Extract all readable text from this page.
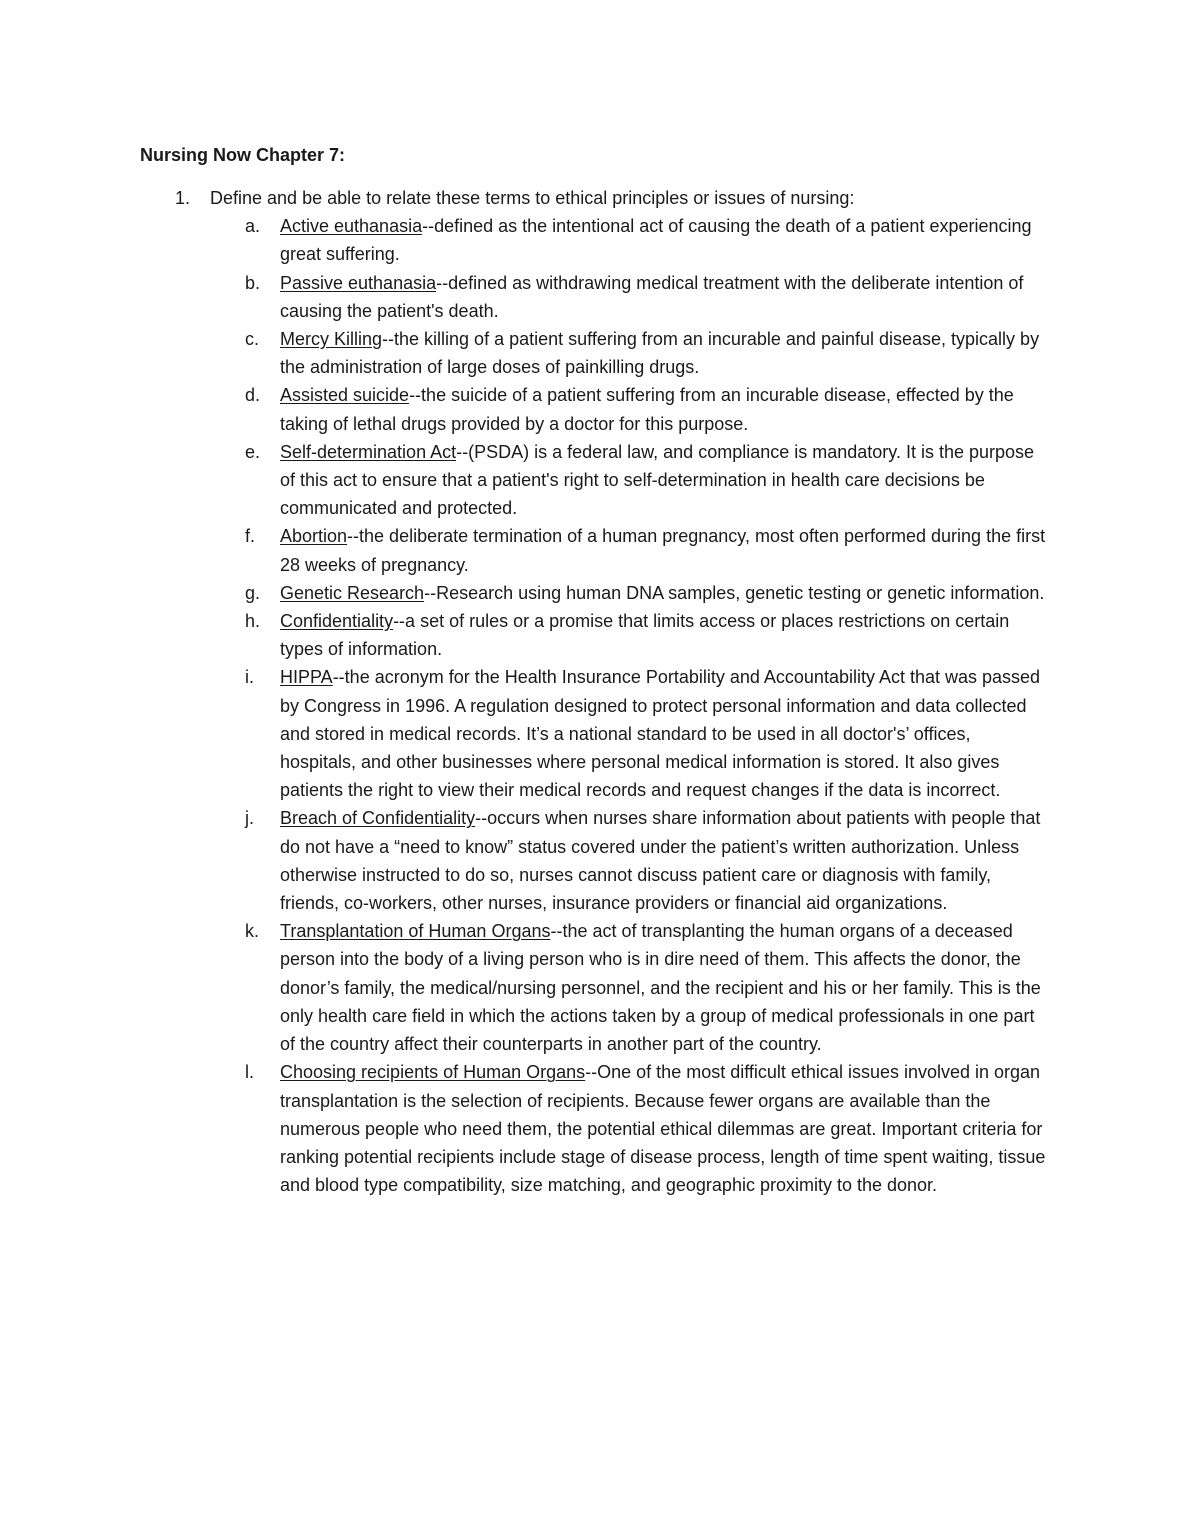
Nursing Now Chapter 7:
1. Define and be able to relate these terms to ethical principles or issues of nursing:
a. Active euthanasia--defined as the intentional act of causing the death of a patient experiencing great suffering.
b. Passive euthanasia--defined as withdrawing medical treatment with the deliberate intention of causing the patient's death.
c. Mercy Killing--the killing of a patient suffering from an incurable and painful disease, typically by the administration of large doses of painkilling drugs.
d. Assisted suicide--the suicide of a patient suffering from an incurable disease, effected by the taking of lethal drugs provided by a doctor for this purpose.
e. Self-determination Act--(PSDA) is a federal law, and compliance is mandatory. It is the purpose of this act to ensure that a patient's right to self-determination in health care decisions be communicated and protected.
f. Abortion--the deliberate termination of a human pregnancy, most often performed during the first 28 weeks of pregnancy.
g. Genetic Research--Research using human DNA samples, genetic testing or genetic information.
h. Confidentiality--a set of rules or a promise that limits access or places restrictions on certain types of information.
i. HIPPA--the acronym for the Health Insurance Portability and Accountability Act that was passed by Congress in 1996. A regulation designed to protect personal information and data collected and stored in medical records. It’s a national standard to be used in all doctor's’ offices, hospitals, and other businesses where personal medical information is stored. It also gives patients the right to view their medical records and request changes if the data is incorrect.
j. Breach of Confidentiality--occurs when nurses share information about patients with people that do not have a “need to know” status covered under the patient’s written authorization. Unless otherwise instructed to do so, nurses cannot discuss patient care or diagnosis with family, friends, co-workers, other nurses, insurance providers or financial aid organizations.
k. Transplantation of Human Organs--the act of transplanting the human organs of a deceased person into the body of a living person who is in dire need of them. This affects the donor, the donor’s family, the medical/nursing personnel, and the recipient and his or her family. This is the only health care field in which the actions taken by a group of medical professionals in one part of the country affect their counterparts in another part of the country.
l. Choosing recipients of Human Organs--One of the most difficult ethical issues involved in organ transplantation is the selection of recipients. Because fewer organs are available than the numerous people who need them, the potential ethical dilemmas are great. Important criteria for ranking potential recipients include stage of disease process, length of time spent waiting, tissue and blood type compatibility, size matching, and geographic proximity to the donor.
